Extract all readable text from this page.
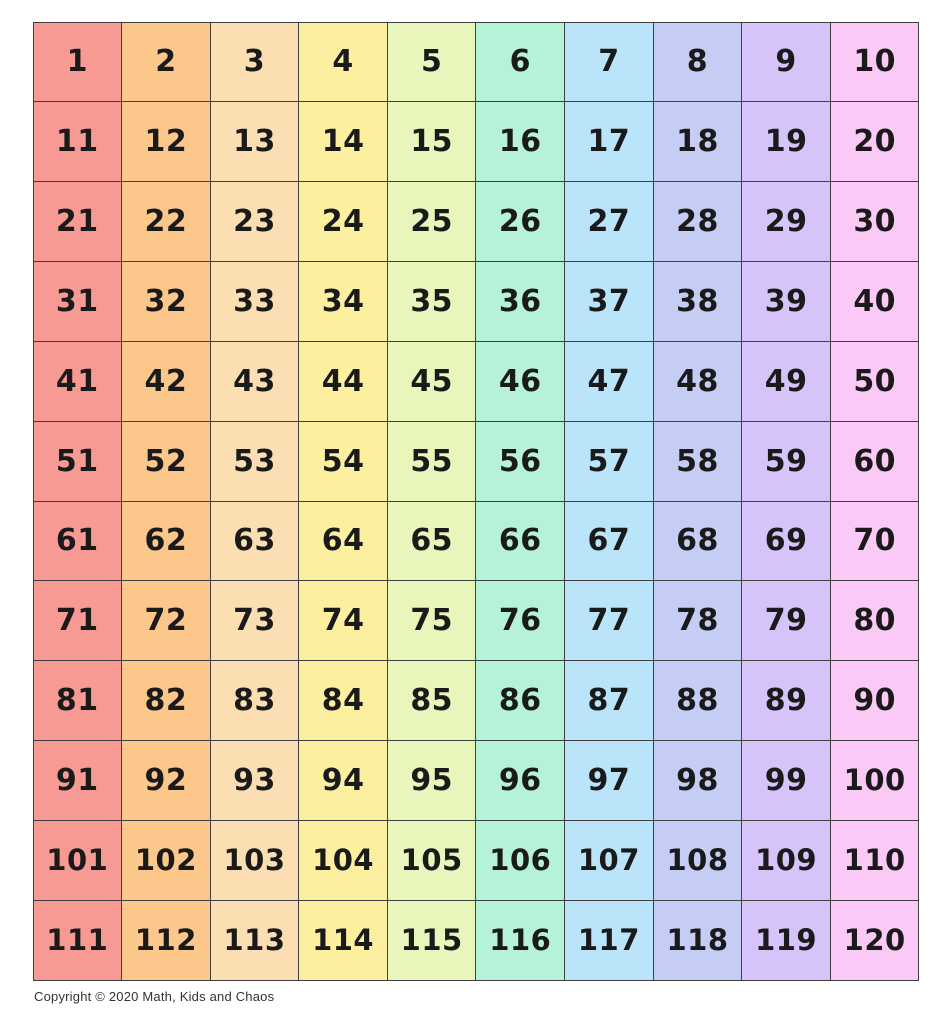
1	2	3	4	5	6	7	8	9	10
11	12	13	14	15	16	17	18	19	20
21	22	23	24	25	26	27	28	29	30
31	32	33	34	35	36	37	38	39	40
41	42	43	44	45	46	47	48	49	50
51	52	53	54	55	56	57	58	59	60
61	62	63	64	65	66	67	68	69	70
71	72	73	74	75	76	77	78	79	80
81	82	83	84	85	86	87	88	89	90
91	92	93	94	95	96	97	98	99	100
101 102 103 104 105 106 107 108 109 110
111 112 113 114 115 116 117 118 119 120
Copyright © 2020 Math, Kids and Chaos
